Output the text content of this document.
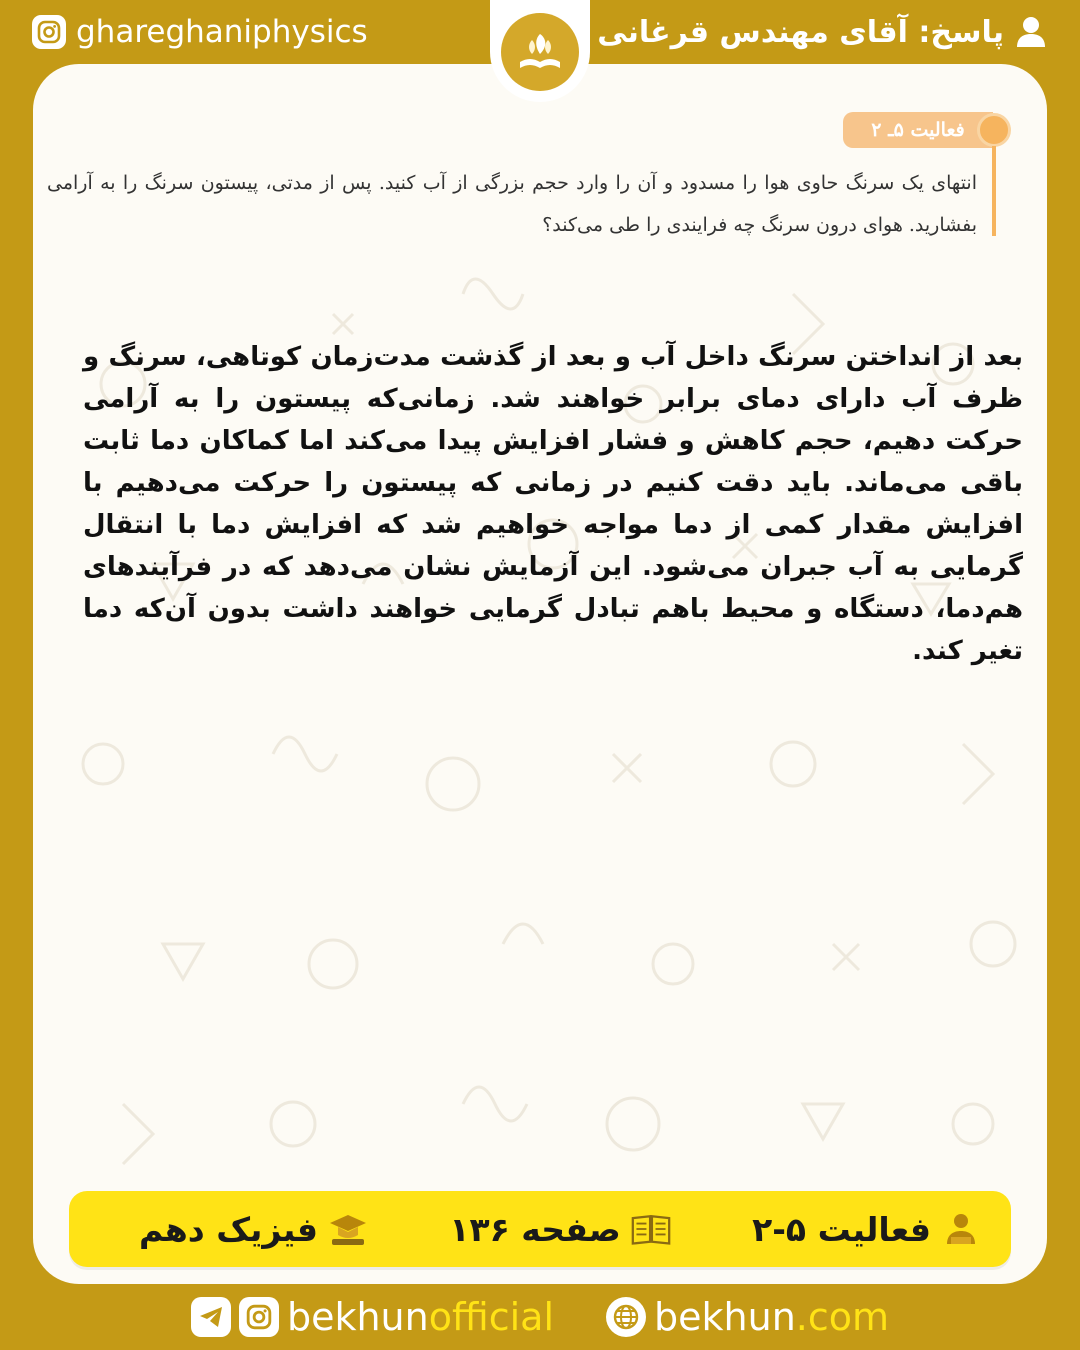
ghareghaniphysics	پاسخ: آقای مهندس قرغانی
فعالیت ۵ـ ۲

انتهای یک سرنگ حاوی هوا را مسدود و آن را وارد حجم بزرگی از آب کنید. پس از مدتی، پیستون سرنگ را به آرامی بفشارید. هوای درون سرنگ چه فرایندی را طی می‌کند؟

بعد از انداختن سرنگ داخل آب و بعد از گذشت مدت‌زمان کوتاهی، سرنگ و ظرف آب دارای دمای برابر خواهند شد. زمانی‌که پیستون را به آرامی حرکت دهیم، حجم کاهش و فشار افزایش پیدا می‌کند اما کماکان دما ثابت باقی می‌ماند. باید دقت کنیم در زمانی که پیستون را حرکت می‌دهیم با افزایش مقدار کمی از دما مواجه خواهیم شد که افزایش دما با انتقال گرمایی به آب جبران می‌شود. این آزمایش نشان می‌دهد که در فرآیندهای هم‌دما، دستگاه و محیط باهم تبادل گرمایی خواهند داشت بدون آن‌که دما تغیر کند.

فعالیت ۵-۲
صفحه ۱۳۶
فیزیک دهم
bekhunofficial	bekhun.com
